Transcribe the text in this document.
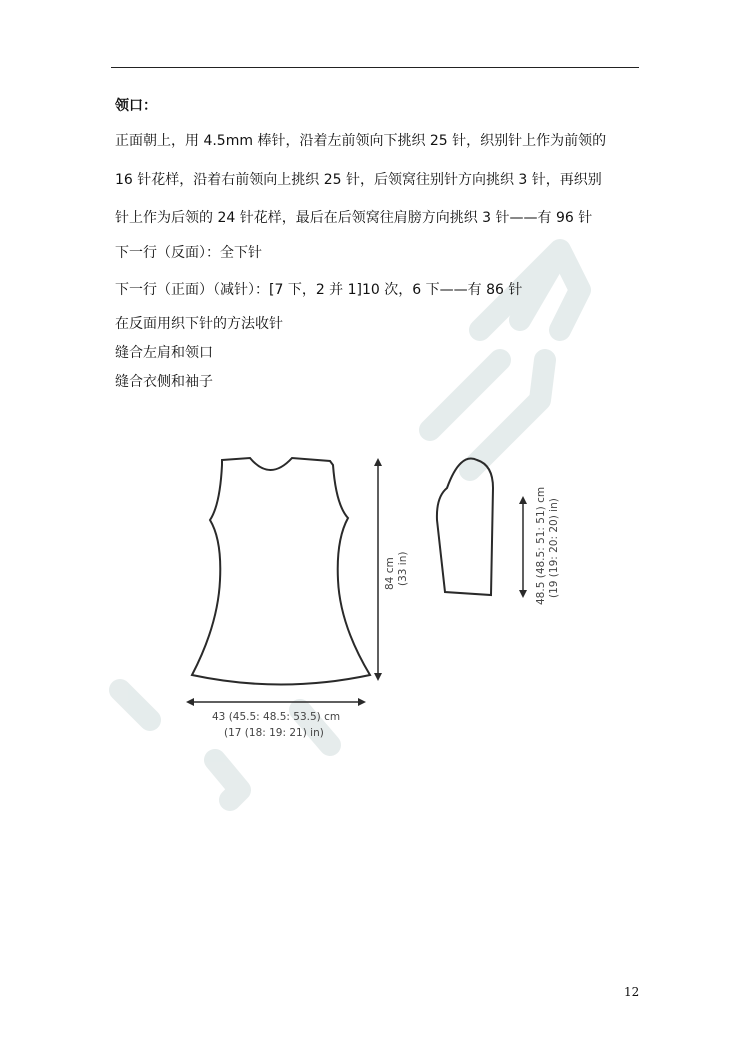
领口：
正面朝上，用 4.5mm 棒针，沿着左前领向下挑织 25 针，织别针上作为前领的
16 针花样，沿着右前领向上挑织 25 针，后领窝往别针方向挑织 3 针，再织别
针上作为后领的 24 针花样，最后在后领窝往肩膀方向挑织 3 针——有 96 针
下一行（反面）：全下针
下一行（正面）（减针）：[7 下，2 并 1]10 次，6 下——有 86 针
在反面用织下针的方法收针
缝合左肩和领口
缝合衣侧和袖子
84 cm (33 in)
43 (45.5: 48.5: 53.5) cm
(17 (18: 19: 21) in)
48.5 (48.5: 51: 51) cm (19 (19: 20: 20) in)
12
